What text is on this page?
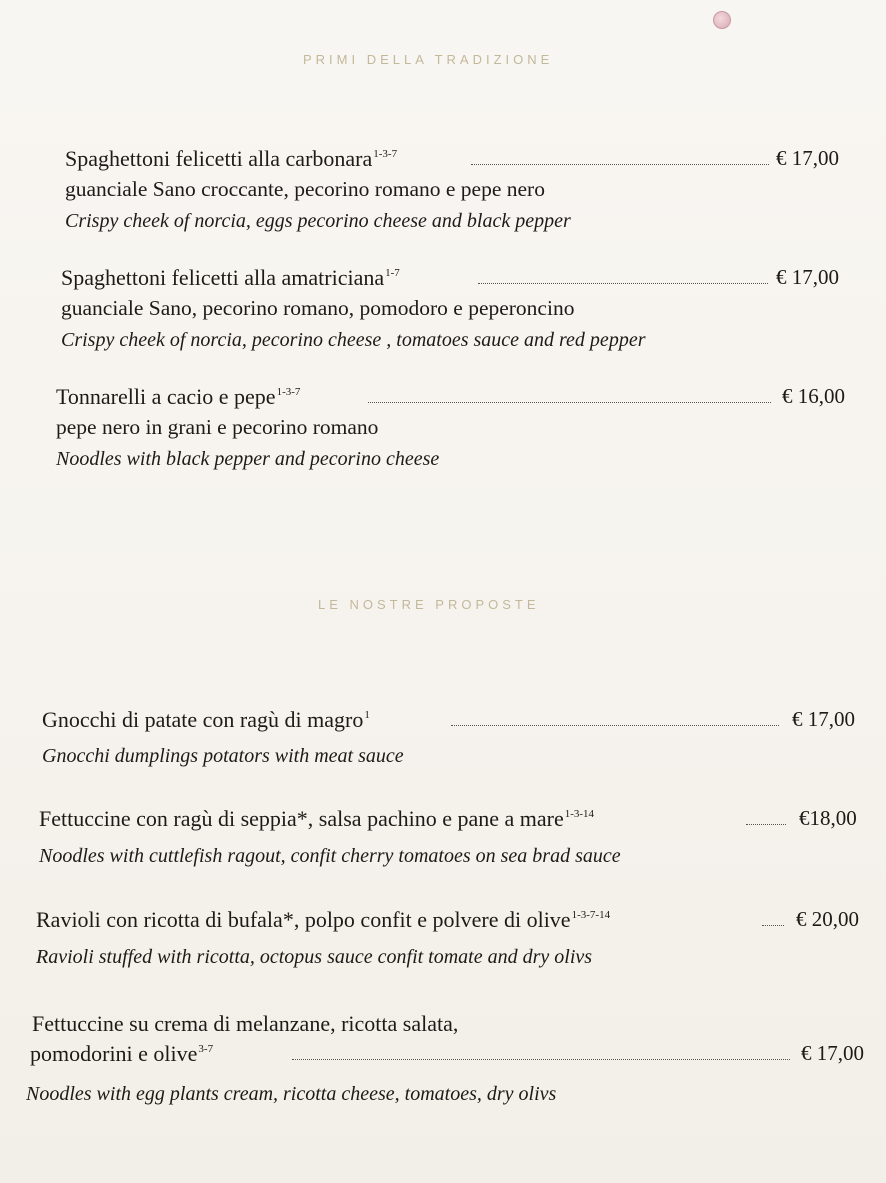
PRIMI DELLA TRADIZIONE
Spaghettoni felicetti alla carbonara$^{1-3-7}$	€ 17,00
guanciale Sano croccante, pecorino romano e pepe nero
Crispy cheek of norcia, eggs pecorino cheese and black pepper
Spaghettoni felicetti alla amatriciana$^{1-7}$	€ 17,00
guanciale Sano, pecorino romano, pomodoro e peperoncino
Crispy cheek of norcia, pecorino cheese , tomatoes sauce and red pepper
Tonnarelli a cacio e pepe$^{1-3-7}$	€ 16,00
pepe nero in grani e pecorino romano
Noodles with black pepper and pecorino cheese
LE NOSTRE PROPOSTE
Gnocchi di patate con ragù di magro$^1$	€ 17,00
Gnocchi dumplings potators with meat sauce
Fettuccine con ragù di seppia*, salsa pachino e pane a mare$^{1-3-14}$	€18,00
Noodles with cuttlefish ragout, confit cherry tomatoes on sea brad sauce
Ravioli con ricotta di bufala*, polpo confit e polvere di olive$^{1-3-7-14}$	€ 20,00
Ravioli stuffed with ricotta, octopus sauce confit tomate and dry olivs
Fettuccine su crema di melanzane, ricotta salata,
pomodorini e olive$^{3-7}$	€ 17,00
Noodles with egg plants cream, ricotta cheese, tomatoes, dry olivs
